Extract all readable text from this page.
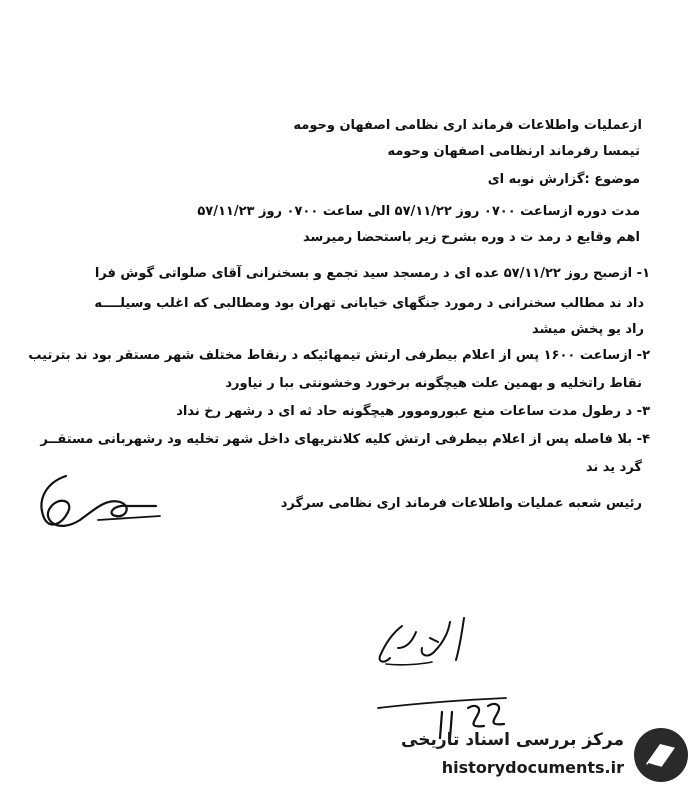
ازعملیات واطلاعات فرماند اری نظامی اصفهان وحومه
تیمسا رفرماند ارنظامی اصفهان وحومه
موضوع :گزارش نوبه ای
مدت دوره ازساعت ۰۷۰۰ روز ۵۷/۱۱/۲۲ الی ساعت ۰۷۰۰ روز ۵۷/۱۱/۲۳
اهم وقایع د رمد ت د وره بشرح زیر باستحضا رمیرسد
۱- ازصبح روز ۵۷/۱۱/۲۲ عده ای د رمسجد سید تجمع و بسخنرانی آقای صلواتی گوش فرا
داد ند مطالب سخنرانی د رمورد جنگهای خیابانی تهران بود ومطالبی که اغلب وسیلــــه
راد یو پخش میشد
۲- ازساعت ۱۶۰۰ پس از اعلام بیطرفی ارتش تیمهائیکه د رنقاط مختلف شهر مستقر بود ند بترتیب
نقاط راتخلیه و بهمین علت هیچگونه برخورد وخشونتی ببا ر نیاورد
۳- د رطول مدت ساعات منع عبوروموور هیچگونه حاد ثه ای د رشهر رخ نداد
۴- بلا فاصله پس از اعلام بیطرفی ارتش کلیه کلانتریهای داخل شهر تخلیه ود رشهربانی مستقــر
گرد ید ند
رئیس شعبه عملیات واطلاعات فرماند اری نظامی سرگرد
مرکز بررسی اسناد تاریخی
historydocuments.ir
